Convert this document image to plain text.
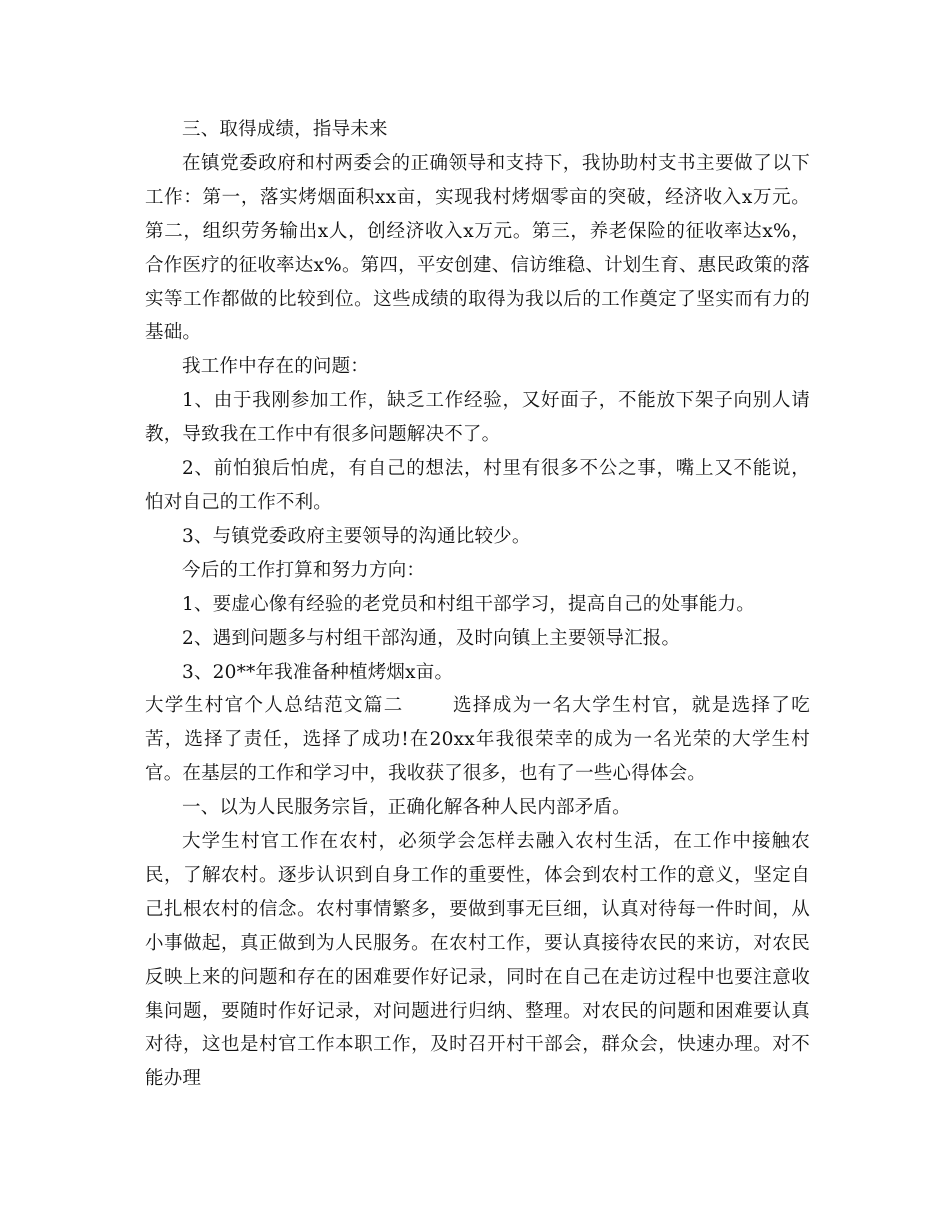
三、取得成绩，指导未来

在镇党委政府和村两委会的正确领导和支持下，我协助村支书主要做了以下工作：第一，落实烤烟面积xx亩，实现我村烤烟零亩的突破，经济收入x万元。第二，组织劳务输出x人，创经济收入x万元。第三，养老保险的征收率达x%，合作医疗的征收率达x%。第四，平安创建、信访维稳、计划生育、惠民政策的落实等工作都做的比较到位。这些成绩的取得为我以后的工作奠定了坚实而有力的基础。

我工作中存在的问题：

1、由于我刚参加工作，缺乏工作经验，又好面子，不能放下架子向别人请教，导致我在工作中有很多问题解决不了。

2、前怕狼后怕虎，有自己的想法，村里有很多不公之事，嘴上又不能说，怕对自己的工作不利。

3、与镇党委政府主要领导的沟通比较少。

今后的工作打算和努力方向：

1、要虚心像有经验的老党员和村组干部学习，提高自己的处事能力。

2、遇到问题多与村组干部沟通，及时向镇上主要领导汇报。

3、20**年我准备种植烤烟x亩。

大学生村官个人总结范文篇二	选择成为一名大学生村官，就是选择了吃苦，选择了责任，选择了成功!在20xx年我很荣幸的成为一名光荣的大学生村官。在基层的工作和学习中，我收获了很多，也有了一些心得体会。

一、以为人民服务宗旨，正确化解各种人民内部矛盾。

大学生村官工作在农村，必须学会怎样去融入农村生活，在工作中接触农民，了解农村。逐步认识到自身工作的重要性，体会到农村工作的意义，坚定自己扎根农村的信念。农村事情繁多，要做到事无巨细，认真对待每一件时间，从小事做起，真正做到为人民服务。在农村工作，要认真接待农民的来访，对农民反映上来的问题和存在的困难要作好记录，同时在自己在走访过程中也要注意收集问题，要随时作好记录，对问题进行归纳、整理。对农民的问题和困难要认真对待，这也是村官工作本职工作，及时召开村干部会，群众会，快速办理。对不能办理
